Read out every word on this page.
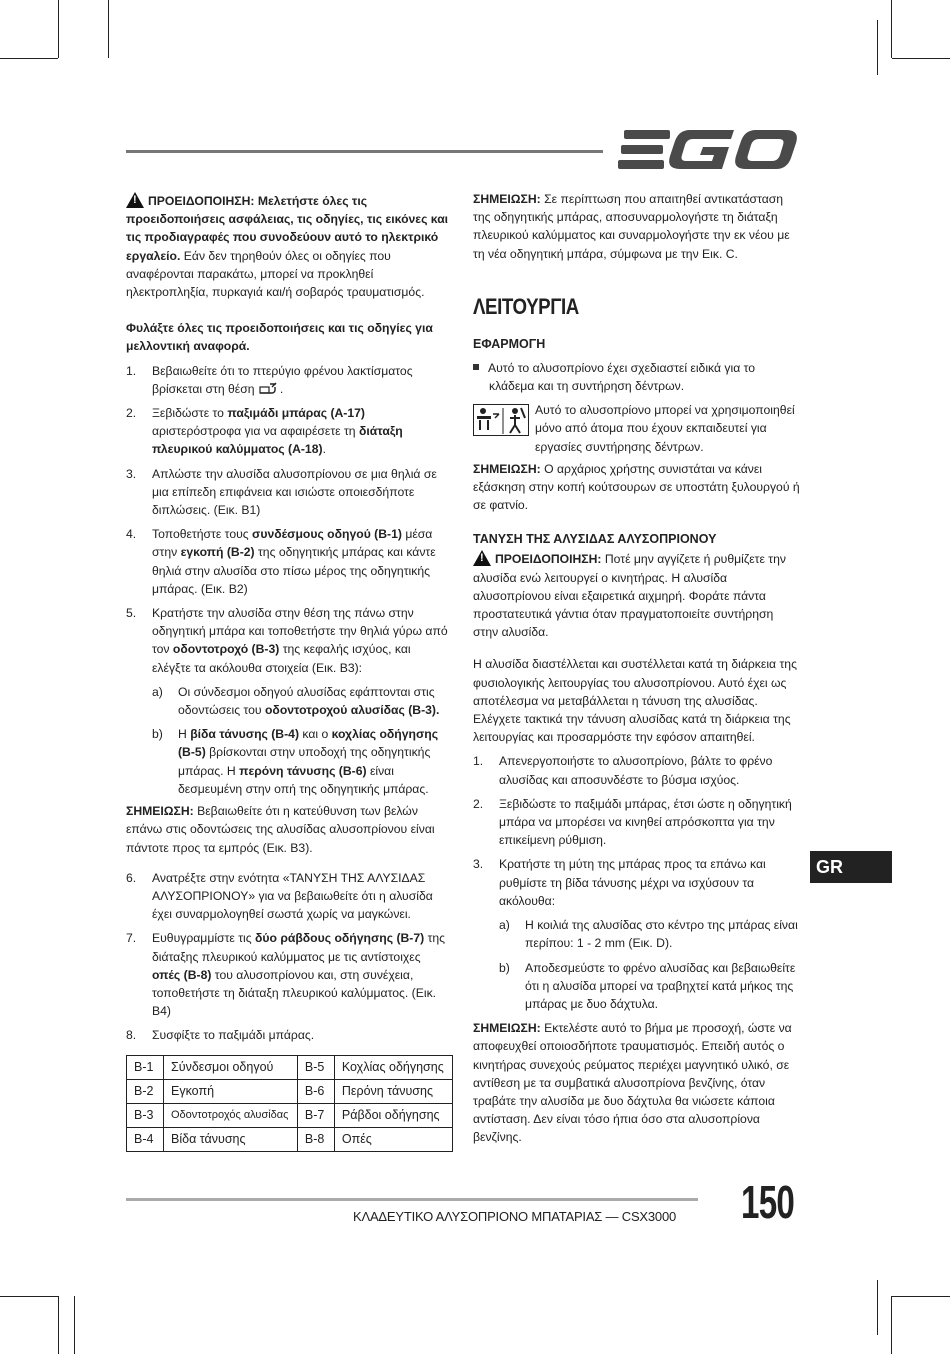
!ΠΡΟΕΙΔΟΠΟΙΗΣΗ: Μελετήστε όλες τις προειδοποιήσεις ασφάλειας, τις οδηγίες, τις εικόνες και τις προδιαγραφές που συνοδεύουν αυτό το ηλεκτρικό εργαλείο. Εάν δεν τηρηθούν όλες οι οδηγίες που αναφέρονται παρακάτω, μπορεί να προκληθεί ηλεκτροπληξία, πυρκαγιά και/ή σοβαρός τραυματισμός.

Φυλάξτε όλες τις προειδοποιήσεις και τις οδηγίες για μελλοντική αναφορά.

1. Βεβαιωθείτε ότι το πτερύγιο φρένου λακτίσματος βρίσκεται στη θέση .
2. Ξεβιδώστε το παξιμάδι μπάρας (A-17) αριστερόστροφα για να αφαιρέσετε τη διάταξη πλευρικού καλύμματος (A-18).
3. Απλώστε την αλυσίδα αλυσοπρίονου σε μια θηλιά σε μια επίπεδη επιφάνεια και ισιώστε οποιεσδήποτε διπλώσεις. (Εικ. B1)
4. Τοποθετήστε τους συνδέσμους οδηγού (B-1) μέσα στην εγκοπή (B-2) της οδηγητικής μπάρας και κάντε θηλιά στην αλυσίδα στο πίσω μέρος της οδηγητικής μπάρας. (Εικ. B2)
5. Κρατήστε την αλυσίδα στην θέση της πάνω στην οδηγητική μπάρα και τοποθετήστε την θηλιά γύρω από τον οδοντοτροχό (B-3) της κεφαλής ισχύος, και ελέγξτε τα ακόλουθα στοιχεία (Εικ. B3):
a) Οι σύνδεσμοι οδηγού αλυσίδας εφάπτονται στις οδοντώσεις του οδοντοτροχού αλυσίδας (B-3).
b) Η βίδα τάνυσης (B-4) και ο κοχλίας οδήγησης (B-5) βρίσκονται στην υποδοχή της οδηγητικής μπάρας. Η περόνη τάνυσης (B-6) είναι δεσμευμένη στην οπή της οδηγητικής μπάρας.

ΣΗΜΕΙΩΣΗ: Βεβαιωθείτε ότι η κατεύθυνση των βελών επάνω στις οδοντώσεις της αλυσίδας αλυσοπρίονου είναι πάντοτε προς τα εμπρός (Εικ. B3).

6. Ανατρέξτε στην ενότητα «ΤΑΝΥΣΗ ΤΗΣ ΑΛΥΣΙΔΑΣ ΑΛΥΣΟΠΡΙΟΝΟΥ» για να βεβαιωθείτε ότι η αλυσίδα έχει συναρμολογηθεί σωστά χωρίς να μαγκώνει.
7. Ευθυγραμμίστε τις δύο ράβδους οδήγησης (B-7) της διάταξης πλευρικού καλύμματος με τις αντίστοιχες οπές (B-8) του αλυσοπρίονου και, στη συνέχεια, τοποθετήστε τη διάταξη πλευρικού καλύμματος. (Εικ. B4)
8. Συσφίξτε το παξιμάδι μπάρας.
B-1	Σύνδεσμοι οδηγού	B-5	Κοχλίας οδήγησης
B-2	Εγκοπή	B-6	Περόνη τάνυσης
B-3	Οδοντοτροχός αλυσίδας	B-7	Ράβδοι οδήγησης
B-4	Βίδα τάνυσης	B-8	Οπές

ΣΗΜΕΙΩΣΗ: Σε περίπτωση που απαιτηθεί αντικατάσταση της οδηγητικής μπάρας, αποσυναρμολογήστε τη διάταξη πλευρικού καλύμματος και συναρμολογήστε την εκ νέου με τη νέα οδηγητική μπάρα, σύμφωνα με την Εικ. C.

ΛΕΙΤΟΥΡΓΙΑ
ΕΦΑΡΜΟΓΗ

Αυτό το αλυσοπρίονο έχει σχεδιαστεί ειδικά για το κλάδεμα και τη συντήρηση δέντρων.

Αυτό το αλυσοπρίονο μπορεί να χρησιμοποιηθεί μόνο από άτομα που έχουν εκπαιδευτεί για εργασίες συντήρησης δέντρων.

ΣΗΜΕΙΩΣΗ: Ο αρχάριος χρήστης συνιστάται να κάνει εξάσκηση στην κοπή κούτσουρων σε υποστάτη ξυλουργού ή σε φατνίο.

ΤΑΝΥΣΗ ΤΗΣ ΑΛΥΣΙΔΑΣ ΑΛΥΣΟΠΡΙΟΝΟΥ

!ΠΡΟΕΙΔΟΠΟΙΗΣΗ: Ποτέ μην αγγίζετε ή ρυθμίζετε την αλυσίδα ενώ λειτουργεί ο κινητήρας. Η αλυσίδα αλυσοπρίονου είναι εξαιρετικά αιχμηρή. Φοράτε πάντα προστατευτικά γάντια όταν πραγματοποιείτε συντήρηση στην αλυσίδα.

Η αλυσίδα διαστέλλεται και συστέλλεται κατά τη διάρκεια της φυσιολογικής λειτουργίας του αλυσοπρίονου. Αυτό έχει ως αποτέλεσμα να μεταβάλλεται η τάνυση της αλυσίδας. Ελέγχετε τακτικά την τάνυση αλυσίδας κατά τη διάρκεια της λειτουργίας και προσαρμόστε την εφόσον απαιτηθεί.

1. Απενεργοποιήστε το αλυσοπρίονο, βάλτε το φρένο αλυσίδας και αποσυνδέστε το βύσμα ισχύος.
2. Ξεβιδώστε το παξιμάδι μπάρας, έτσι ώστε η οδηγητική μπάρα να μπορέσει να κινηθεί απρόσκοπτα για την επικείμενη ρύθμιση.
3. Κρατήστε τη μύτη της μπάρας προς τα επάνω και ρυθμίστε τη βίδα τάνυσης μέχρι να ισχύσουν τα ακόλουθα:
a) Η κοιλιά της αλυσίδας στο κέντρο της μπάρας είναι περίπου: 1 - 2 mm (Εικ. D).
b) Αποδεσμεύστε το φρένο αλυσίδας και βεβαιωθείτε ότι η αλυσίδα μπορεί να τραβηχτεί κατά μήκος της μπάρας με δυο δάχτυλα.

ΣΗΜΕΙΩΣΗ: Εκτελέστε αυτό το βήμα με προσοχή, ώστε να αποφευχθεί οποιοσδήποτε τραυματισμός. Επειδή αυτός ο κινητήρας συνεχούς ρεύματος περιέχει μαγνητικό υλικό, σε αντίθεση με τα συμβατικά αλυσοπρίονα βενζίνης, όταν τραβάτε την αλυσίδα με δυο δάχτυλα θα νιώσετε κάποια αντίσταση. Δεν είναι τόσο ήπια όσο στα αλυσοπρίονα βενζίνης.

GR
ΚΛΑΔΕΥΤΙΚΟ ΑΛΥΣΟΠΡΙΟΝΟ ΜΠΑΤΑΡΙΑΣ — CSX3000 150
